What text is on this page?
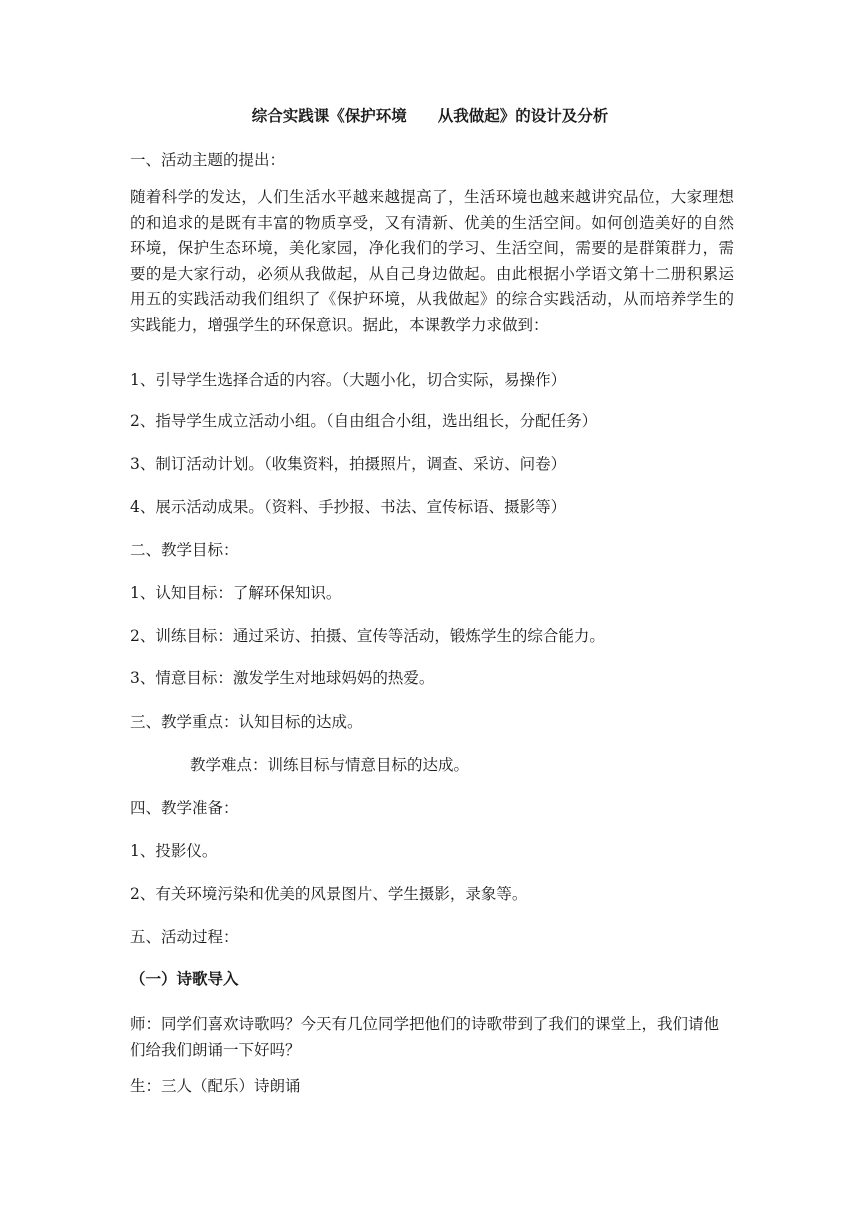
综合实践课《保护环境　　从我做起》的设计及分析
一、活动主题的提出：
随着科学的发达，人们生活水平越来越提高了，生活环境也越来越讲究品位，大家理想的和追求的是既有丰富的物质享受，又有清新、优美的生活空间。如何创造美好的自然环境，保护生态环境，美化家园，净化我们的学习、生活空间，需要的是群策群力，需要的是大家行动，必须从我做起，从自己身边做起。由此根据小学语文第十二册积累运用五的实践活动我们组织了《保护环境，从我做起》的综合实践活动，从而培养学生的实践能力，增强学生的环保意识。据此，本课教学力求做到：
1、引导学生选择合适的内容。（大题小化，切合实际，易操作）
2、指导学生成立活动小组。（自由组合小组，选出组长，分配任务）
3、制订活动计划。（收集资料，拍摄照片，调查、采访、问卷）
4、展示活动成果。（资料、手抄报、书法、宣传标语、摄影等）
二、教学目标：
1、认知目标：了解环保知识。
2、训练目标：通过采访、拍摄、宣传等活动，锻炼学生的综合能力。
3、情意目标：激发学生对地球妈妈的热爱。
三、教学重点：认知目标的达成。
教学难点：训练目标与情意目标的达成。
四、教学准备：
1、投影仪。
2、有关环境污染和优美的风景图片、学生摄影，录象等。
五、活动过程：
（一）诗歌导入
师：同学们喜欢诗歌吗？今天有几位同学把他们的诗歌带到了我们的课堂上，我们请他们给我们朗诵一下好吗？
生：三人（配乐）诗朗诵
